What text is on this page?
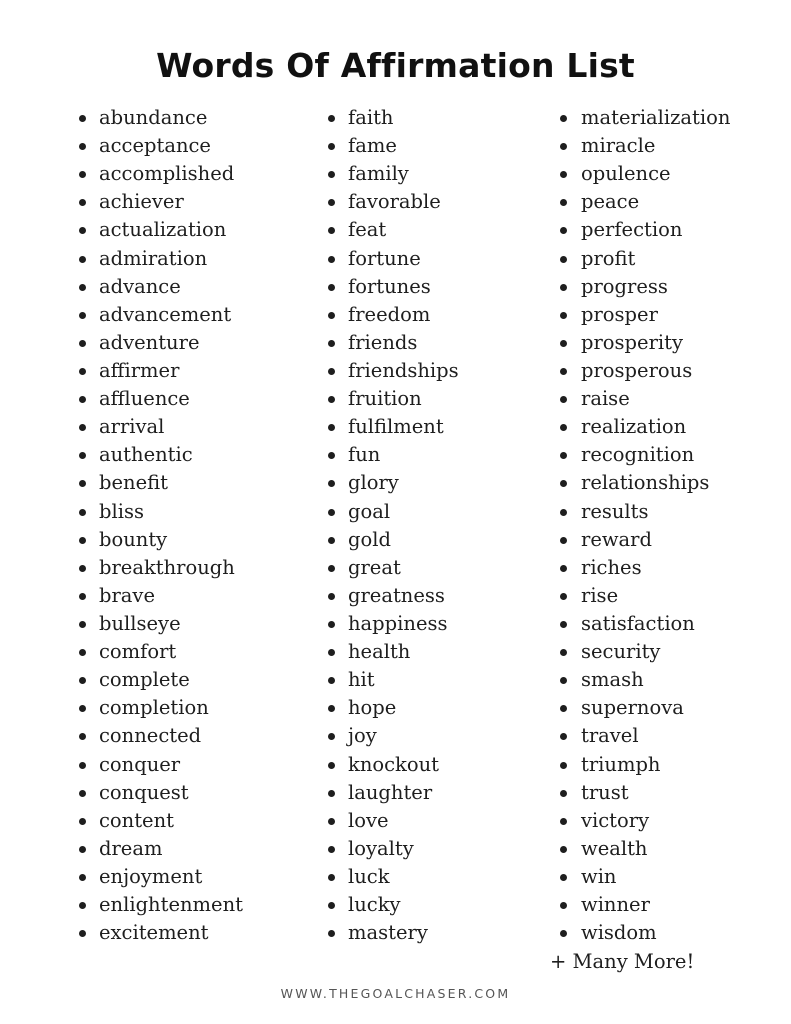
Words Of Affirmation List
abundance
acceptance
accomplished
achiever
actualization
admiration
advance
advancement
adventure
affirmer
affluence
arrival
authentic
benefit
bliss
bounty
breakthrough
brave
bullseye
comfort
complete
completion
connected
conquer
conquest
content
dream
enjoyment
enlightenment
excitement
faith
fame
family
favorable
feat
fortune
fortunes
freedom
friends
friendships
fruition
fulfilment
fun
glory
goal
gold
great
greatness
happiness
health
hit
hope
joy
knockout
laughter
love
loyalty
luck
lucky
mastery
materialization
miracle
opulence
peace
perfection
profit
progress
prosper
prosperity
prosperous
raise
realization
recognition
relationships
results
reward
riches
rise
satisfaction
security
smash
supernova
travel
triumph
trust
victory
wealth
win
winner
wisdom
+ Many More!
WWW.THEGOALCHASER.COM
